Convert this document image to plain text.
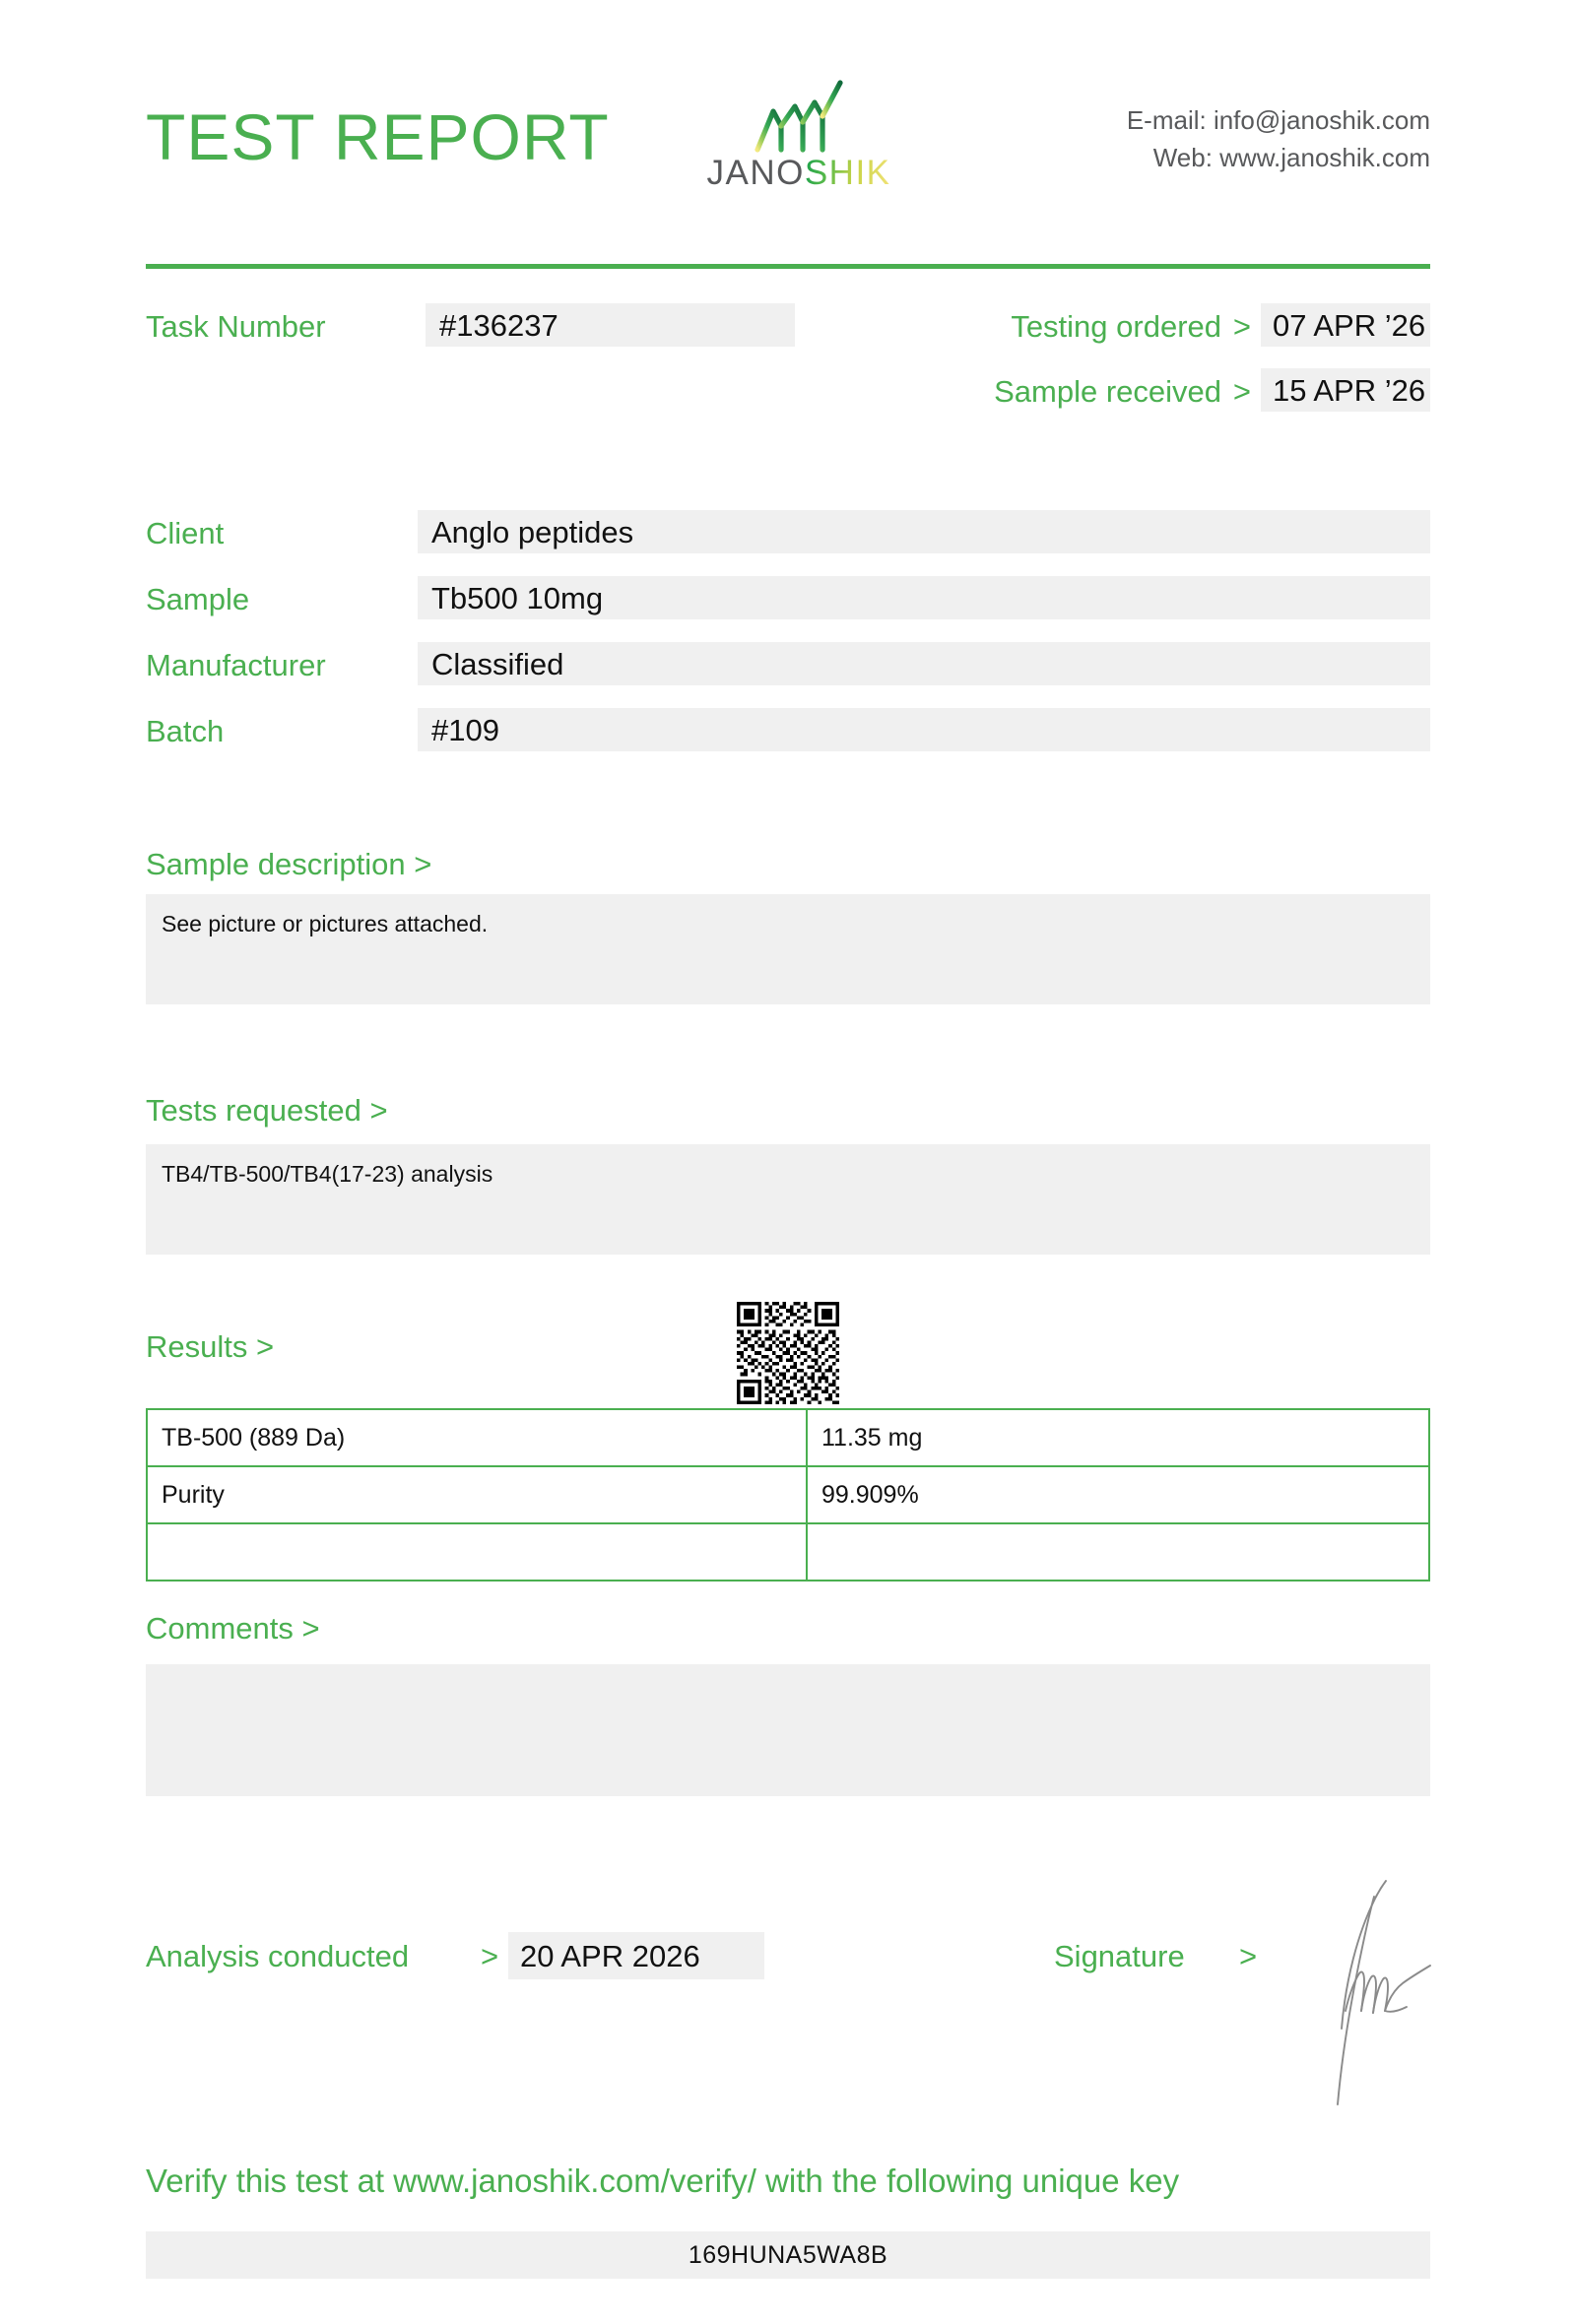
TEST REPORT	JANOSHIK
E-mail: info@janoshik.com
Web: www.janoshik.com
Task Number	#136237	Testing ordered > 07 APR ’26
Sample received > 15 APR ’26
Client	Anglo peptides
Sample	Tb500 10mg
Manufacturer	Classified
Batch	#109
Sample description >
See picture or pictures attached.
Tests requested >
TB4/TB-500/TB4(17-23) analysis
Results >
TB-500 (889 Da)	11.35 mg
Purity	99.909%

Comments >
Analysis conducted > 20 APR 2026	Signature >
Verify this test at www.janoshik.com/verify/ with the following unique key
169HUNA5WA8B
